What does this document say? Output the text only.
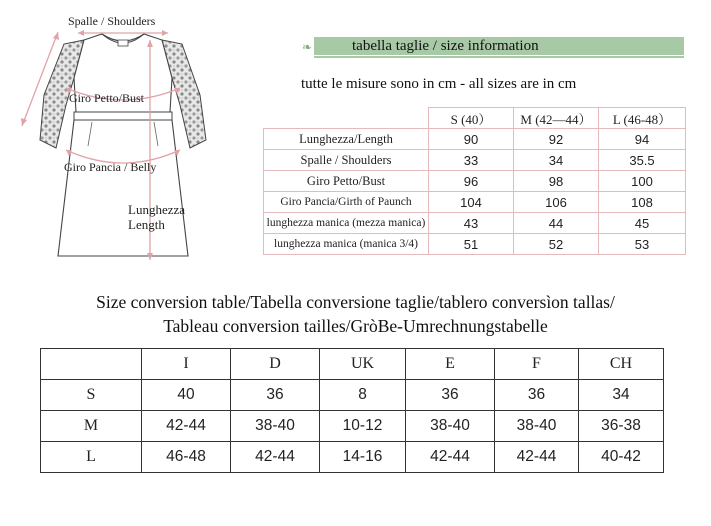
Spalle / Shoulders
Giro Petto/Bust
Giro Pancia / Belly
Lunghezza
Length
❧	tabella taglie / size information
tutte le misure sono in cm - all sizes are in cm
	S (40）	M (42—44）	L (46-48）
Lunghezza/Length	90	92	94
Spalle / Shoulders	33	34	35.5
Giro Petto/Bust	96	98	100
Giro Pancia/Girth of Paunch	104	106	108
lunghezza manica (mezza manica)	43	44	45
lunghezza manica (manica 3/4)	51	52	53
Size conversion table/Tabella conversione taglie/tablero conversìon tallas/
Tableau conversion tailles/GròBe-Umrechnungstabelle
	I	D	UK	E	F	CH
S	40	36	8	36	36	34
M	42-44	38-40	10-12	38-40	38-40	36-38
L	46-48	42-44	14-16	42-44	42-44	40-42
